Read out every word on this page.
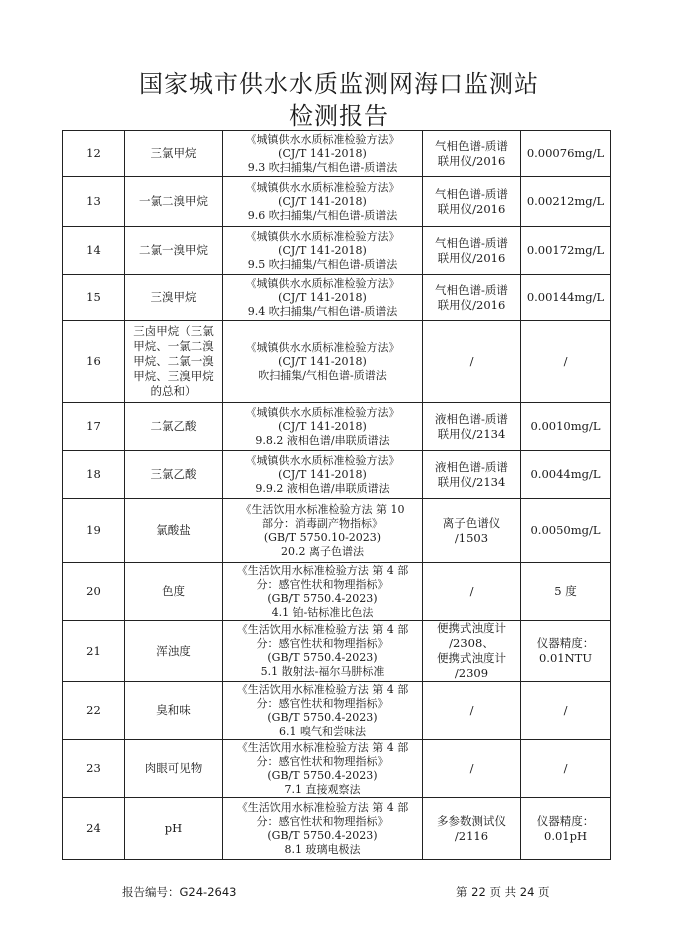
国家城市供水水质监测网海口监测站
检测报告
12	三氯甲烷	《城镇供水水质标准检验方法》
(CJ/T 141-2018)
9.3 吹扫捕集/气相色谱-质谱法	气相色谱-质谱
联用仪/2016	0.00076mg/L
13	一氯二溴甲烷	《城镇供水水质标准检验方法》
(CJ/T 141-2018)
9.6 吹扫捕集/气相色谱-质谱法	气相色谱-质谱
联用仪/2016	0.00212mg/L
14	二氯一溴甲烷	《城镇供水水质标准检验方法》
(CJ/T 141-2018)
9.5 吹扫捕集/气相色谱-质谱法	气相色谱-质谱
联用仪/2016	0.00172mg/L
15	三溴甲烷	《城镇供水水质标准检验方法》
(CJ/T 141-2018)
9.4 吹扫捕集/气相色谱-质谱法	气相色谱-质谱
联用仪/2016	0.00144mg/L
16	三卤甲烷（三氯
甲烷、一氯二溴
甲烷、二氯一溴
甲烷、三溴甲烷
的总和）	《城镇供水水质标准检验方法》
(CJ/T 141-2018)
吹扫捕集/气相色谱-质谱法	/	/
17	二氯乙酸	《城镇供水水质标准检验方法》
(CJ/T 141-2018)
9.8.2 液相色谱/串联质谱法	液相色谱-质谱
联用仪/2134	0.0010mg/L
18	三氯乙酸	《城镇供水水质标准检验方法》
(CJ/T 141-2018)
9.9.2 液相色谱/串联质谱法	液相色谱-质谱
联用仪/2134	0.0044mg/L
19	氯酸盐	《生活饮用水标准检验方法 第 10
部分：消毒副产物指标》
(GB/T 5750.10-2023)
20.2 离子色谱法	离子色谱仪
/1503	0.0050mg/L
20	色度	《生活饮用水标准检验方法 第 4 部
分：感官性状和物理指标》
(GB/T 5750.4-2023)
4.1 铂-钴标准比色法	/	5 度
21	浑浊度	《生活饮用水标准检验方法 第 4 部
分：感官性状和物理指标》
(GB/T 5750.4-2023)
5.1 散射法-福尔马肼标准	便携式浊度计
/2308、
便携式浊度计
/2309	仪器精度：
0.01NTU
22	臭和味	《生活饮用水标准检验方法 第 4 部
分：感官性状和物理指标》
(GB/T 5750.4-2023)
6.1 嗅气和尝味法	/	/
23	肉眼可见物	《生活饮用水标准检验方法 第 4 部
分：感官性状和物理指标》
(GB/T 5750.4-2023)
7.1 直接观察法	/	/
24	pH	《生活饮用水标准检验方法 第 4 部
分：感官性状和物理指标》
(GB/T 5750.4-2023)
8.1 玻璃电极法	多参数测试仪
/2116	仪器精度：
0.01pH
报告编号：G24-2643	第 22 页 共 24 页
